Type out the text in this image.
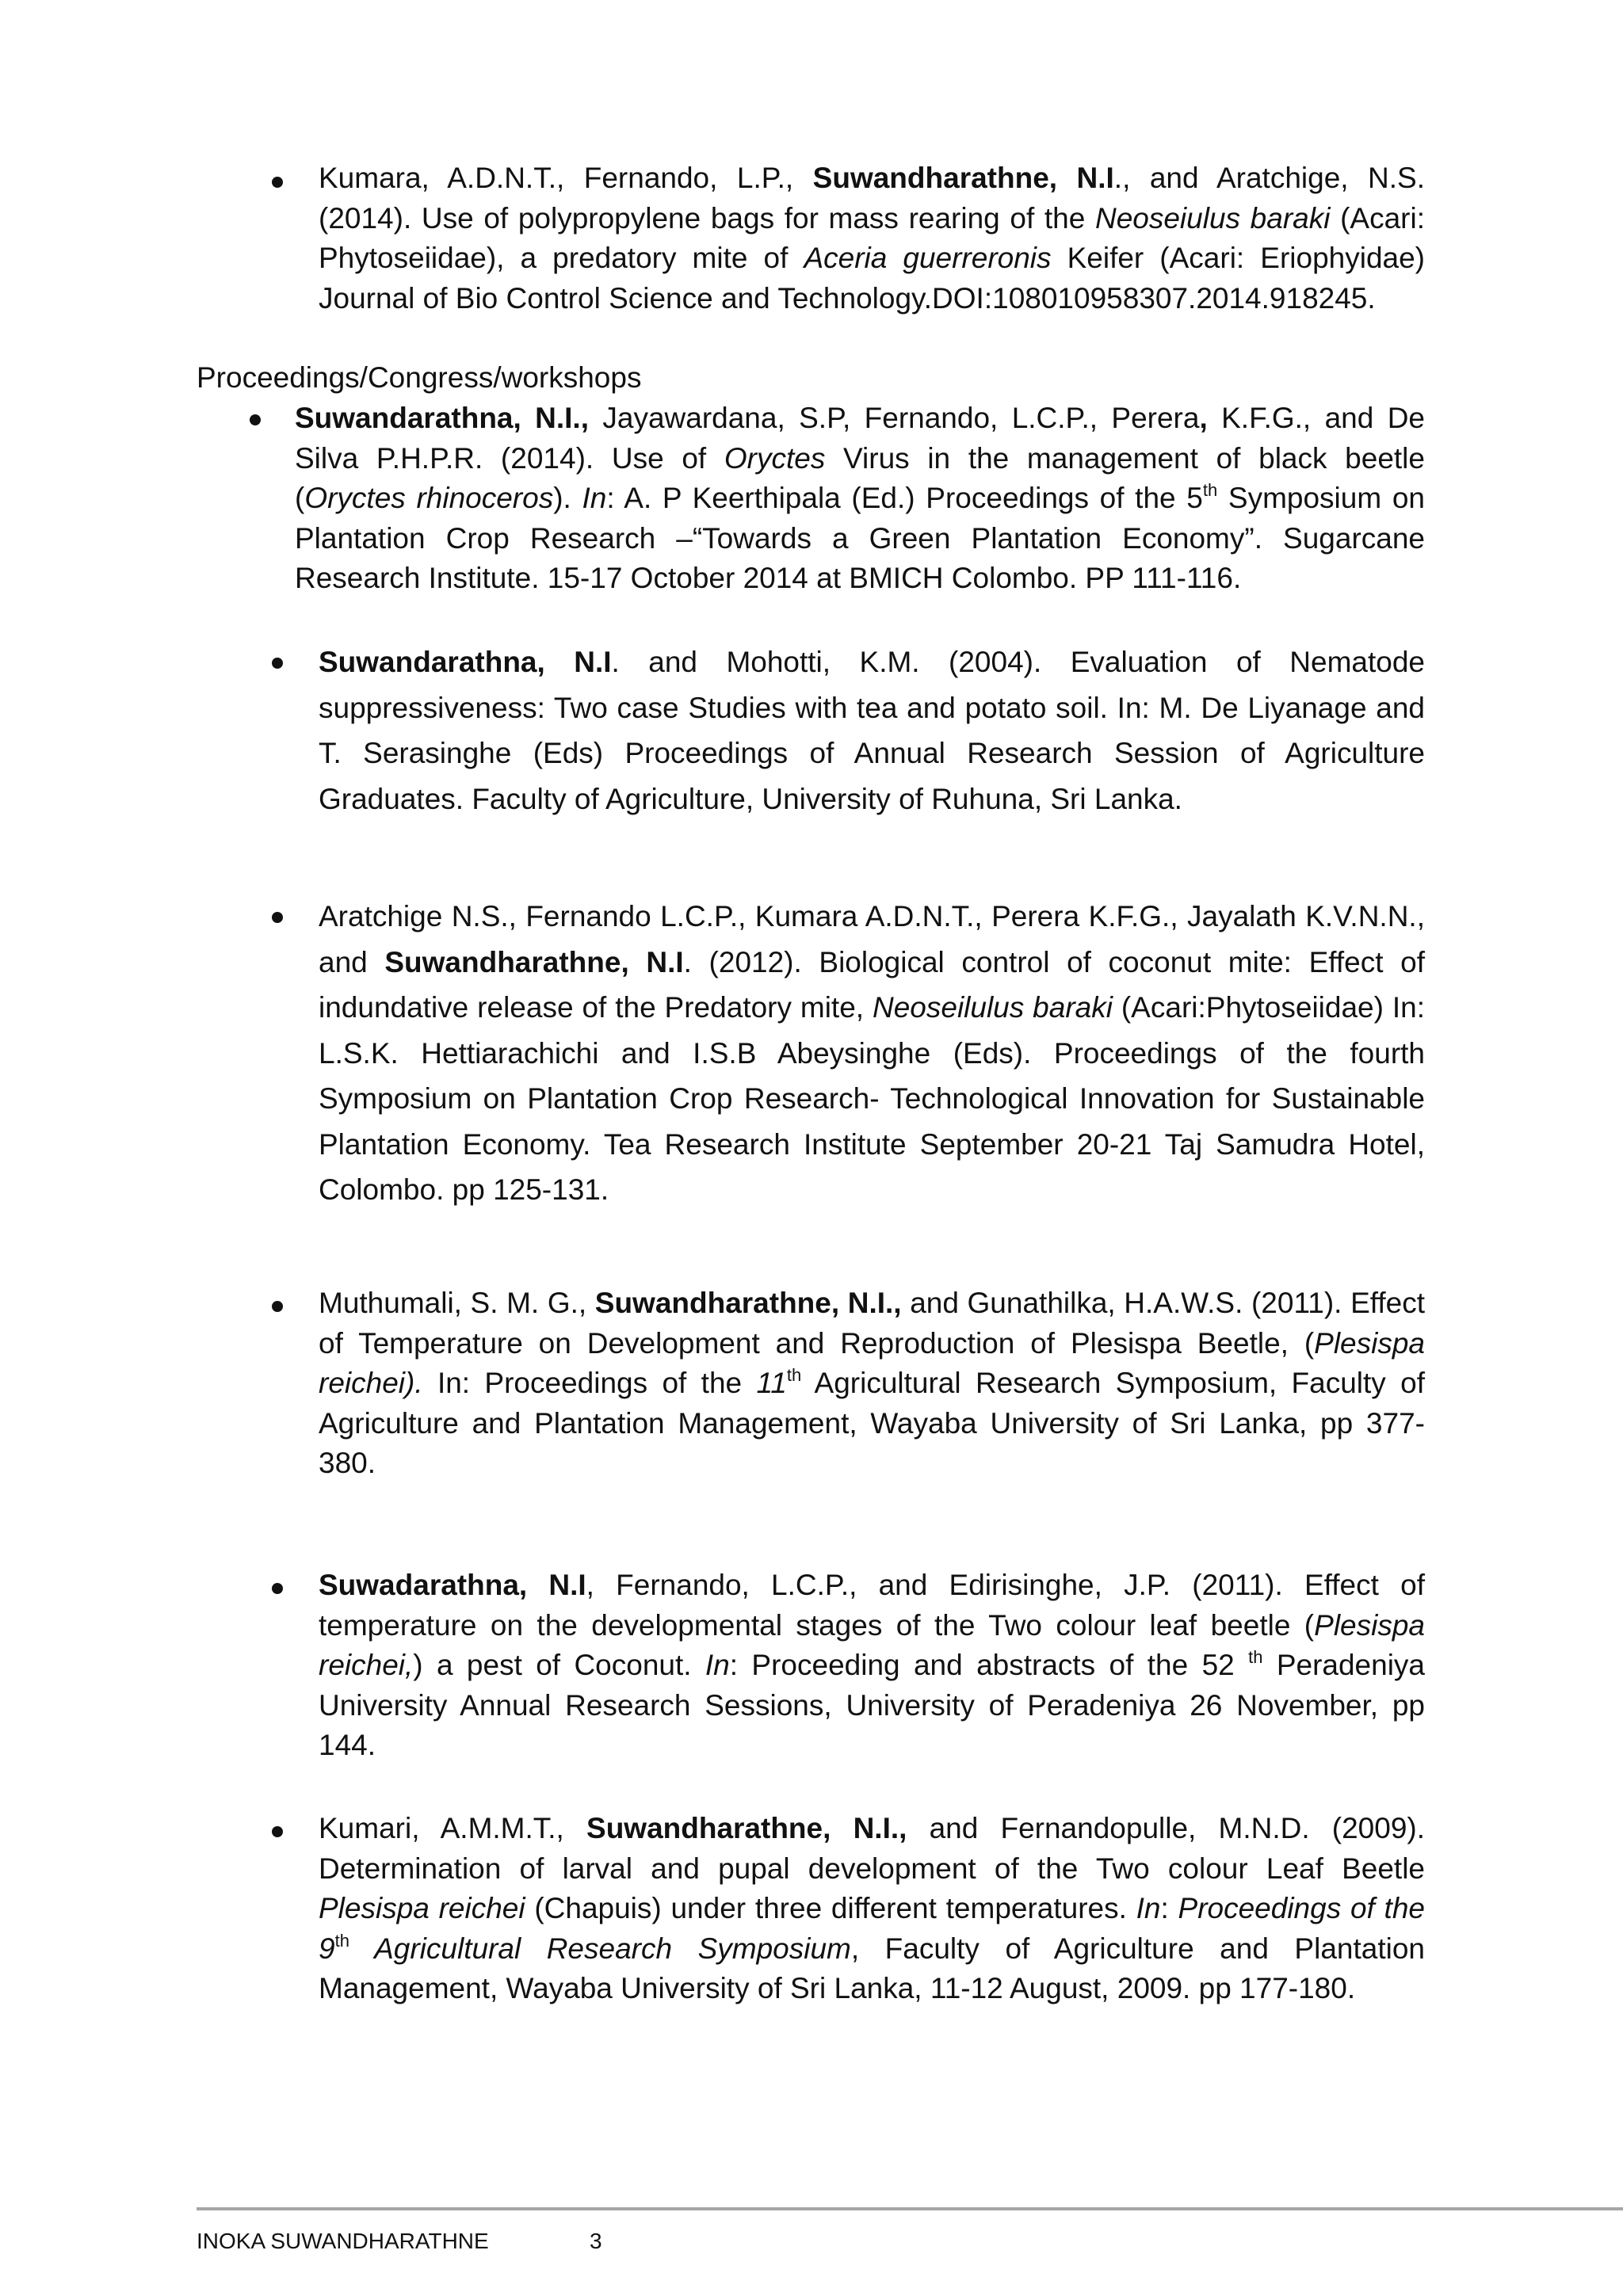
Kumara, A.D.N.T., Fernando, L.P., Suwandharathne, N.I., and Aratchige, N.S. (2014). Use of polypropylene bags for mass rearing of the Neoseiulus baraki (Acari: Phytoseiidae), a predatory mite of Aceria guerreronis Keifer (Acari: Eriophyidae) Journal of Bio Control Science and Technology.DOI:108010958307.2014.918245.

Proceedings/Congress/workshops

Suwandarathna, N.I., Jayawardana, S.P, Fernando, L.C.P., Perera, K.F.G., and De Silva P.H.P.R. (2014). Use of Oryctes Virus in the management of black beetle (Oryctes rhinoceros). In: A. P Keerthipala (Ed.) Proceedings of the 5th Symposium on Plantation Crop Research –“Towards a Green Plantation Economy”. Sugarcane Research Institute. 15-17 October 2014 at BMICH Colombo. PP 111-116.

Suwandarathna, N.I. and Mohotti, K.M. (2004). Evaluation of Nematode suppressiveness: Two case Studies with tea and potato soil. In: M. De Liyanage and T. Serasinghe (Eds) Proceedings of Annual Research Session of Agriculture Graduates. Faculty of Agriculture, University of Ruhuna, Sri Lanka.

Aratchige N.S., Fernando L.C.P., Kumara A.D.N.T., Perera K.F.G., Jayalath K.V.N.N., and Suwandharathne, N.I. (2012). Biological control of coconut mite: Effect of indundative release of the Predatory mite, Neoseilulus baraki (Acari:Phytoseiidae) In: L.S.K. Hettiarachichi and I.S.B Abeysinghe (Eds). Proceedings of the fourth Symposium on Plantation Crop Research- Technological Innovation for Sustainable Plantation Economy. Tea Research Institute September 20-21 Taj Samudra Hotel, Colombo. pp 125-131.

Muthumali, S. M. G., Suwandharathne, N.I., and Gunathilka, H.A.W.S. (2011). Effect of Temperature on Development and Reproduction of Plesispa Beetle, (Plesispa reichei). In: Proceedings of the 11th Agricultural Research Symposium, Faculty of Agriculture and Plantation Management, Wayaba University of Sri Lanka, pp 377-380.

Suwadarathna, N.I, Fernando, L.C.P., and Edirisinghe, J.P. (2011). Effect of temperature on the developmental stages of the Two colour leaf beetle (Plesispa reichei,) a pest of Coconut. In: Proceeding and abstracts of the 52 $^{th}$ Peradeniya University Annual Research Sessions, University of Peradeniya 26 November, pp 144.

Kumari, A.M.M.T., Suwandharathne, N.I., and Fernandopulle, M.N.D. (2009). Determination of larval and pupal development of the Two colour Leaf Beetle Plesispa reichei (Chapuis) under three different temperatures. In: Proceedings of the 9th Agricultural Research Symposium, Faculty of Agriculture and Plantation Management, Wayaba University of Sri Lanka, 11-12 August, 2009. pp 177-180.

INOKA SUWANDHARATHNE	3
